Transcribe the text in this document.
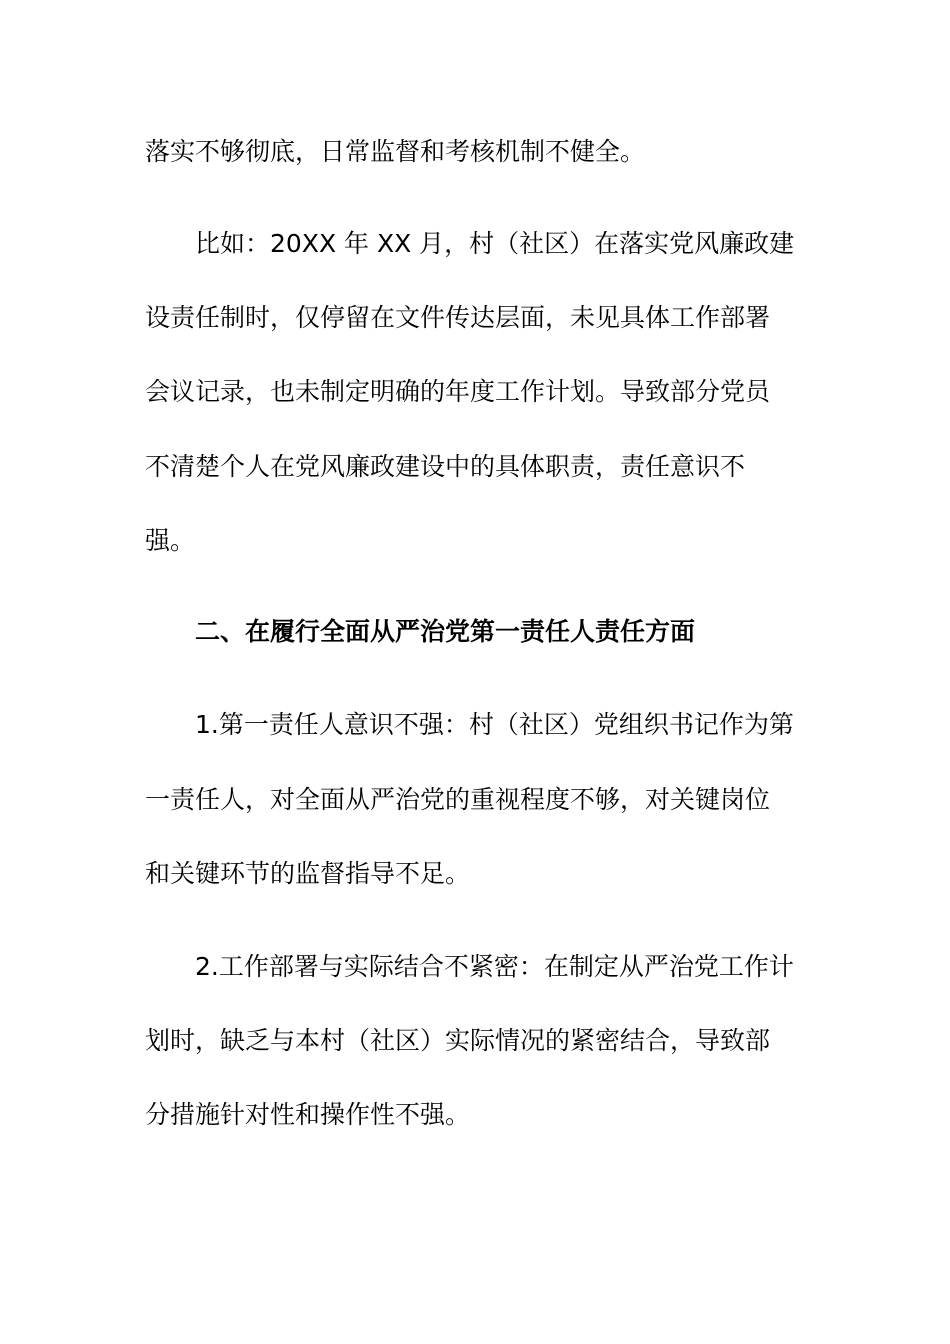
落实不够彻底，日常监督和考核机制不健全。
比如：20XX 年 XX 月，村（社区）在落实党风廉政建
设责任制时，仅停留在文件传达层面，未见具体工作部署
会议记录，也未制定明确的年度工作计划。导致部分党员
不清楚个人在党风廉政建设中的具体职责，责任意识不
强。
二、在履行全面从严治党第一责任人责任方面
1.第一责任人意识不强：村（社区）党组织书记作为第
一责任人，对全面从严治党的重视程度不够，对关键岗位
和关键环节的监督指导不足。
2.工作部署与实际结合不紧密：在制定从严治党工作计
划时，缺乏与本村（社区）实际情况的紧密结合，导致部
分措施针对性和操作性不强。
